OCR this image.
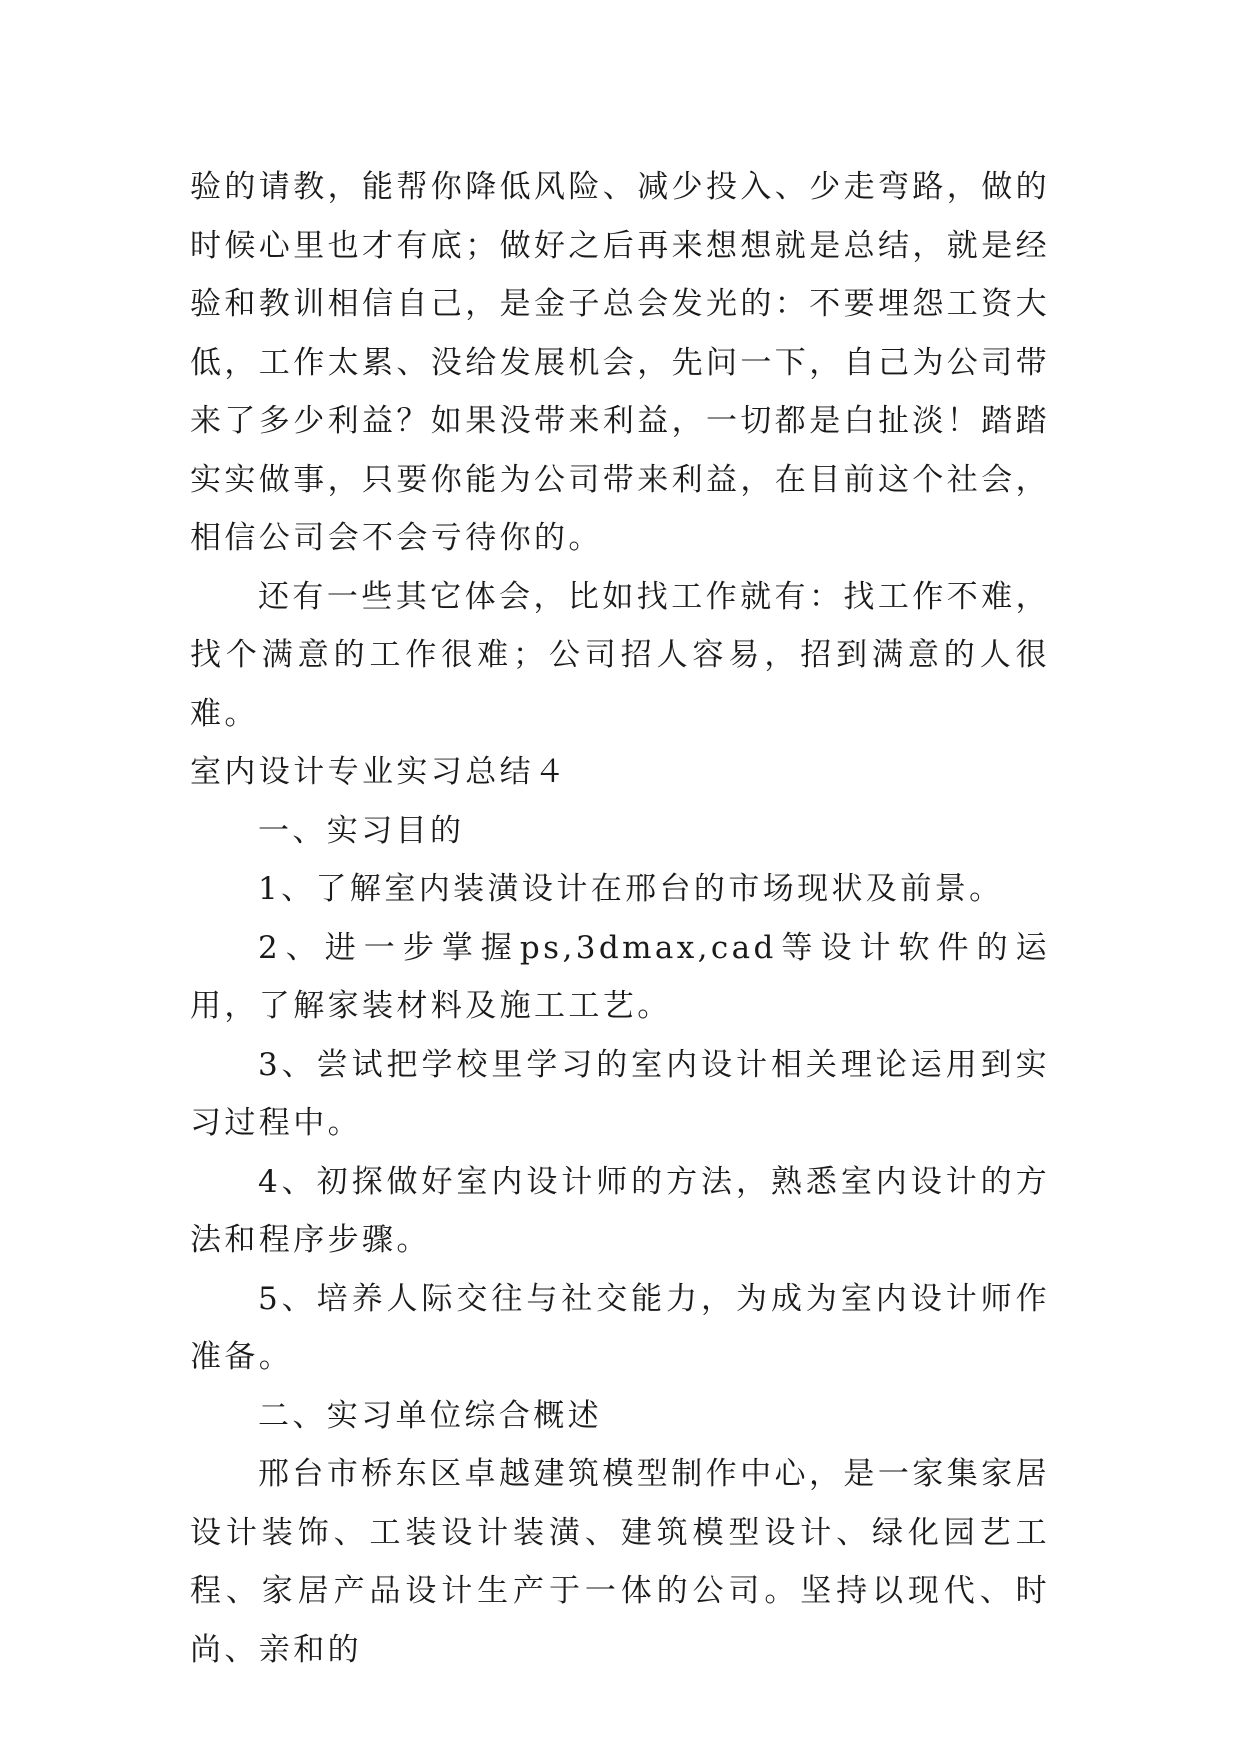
验的请教，能帮你降低风险、减少投入、少走弯路，做的时候心里也才有底；做好之后再来想想就是总结，就是经验和教训相信自己，是金子总会发光的：不要埋怨工资大低，工作太累、没给发展机会，先问一下，自己为公司带来了多少利益？如果没带来利益，一切都是白扯淡！踏踏实实做事，只要你能为公司带来利益，在目前这个社会，相信公司会不会亏待你的。

还有一些其它体会，比如找工作就有：找工作不难，找个满意的工作很难；公司招人容易，招到满意的人很难。

室内设计专业实习总结４

一、实习目的

1、了解室内装潢设计在邢台的市场现状及前景。

2、进一步掌握ps,3dmax,cad等设计软件的运用，了解家装材料及施工工艺。

3、尝试把学校里学习的室内设计相关理论运用到实习过程中。

4、初探做好室内设计师的方法，熟悉室内设计的方法和程序步骤。

5、培养人际交往与社交能力，为成为室内设计师作准备。

二、实习单位综合概述

邢台市桥东区卓越建筑模型制作中心，是一家集家居设计装饰、工装设计装潢、建筑模型设计、绿化园艺工程、家居产品设计生产于一体的公司。坚持以现代、时尚、亲和的
